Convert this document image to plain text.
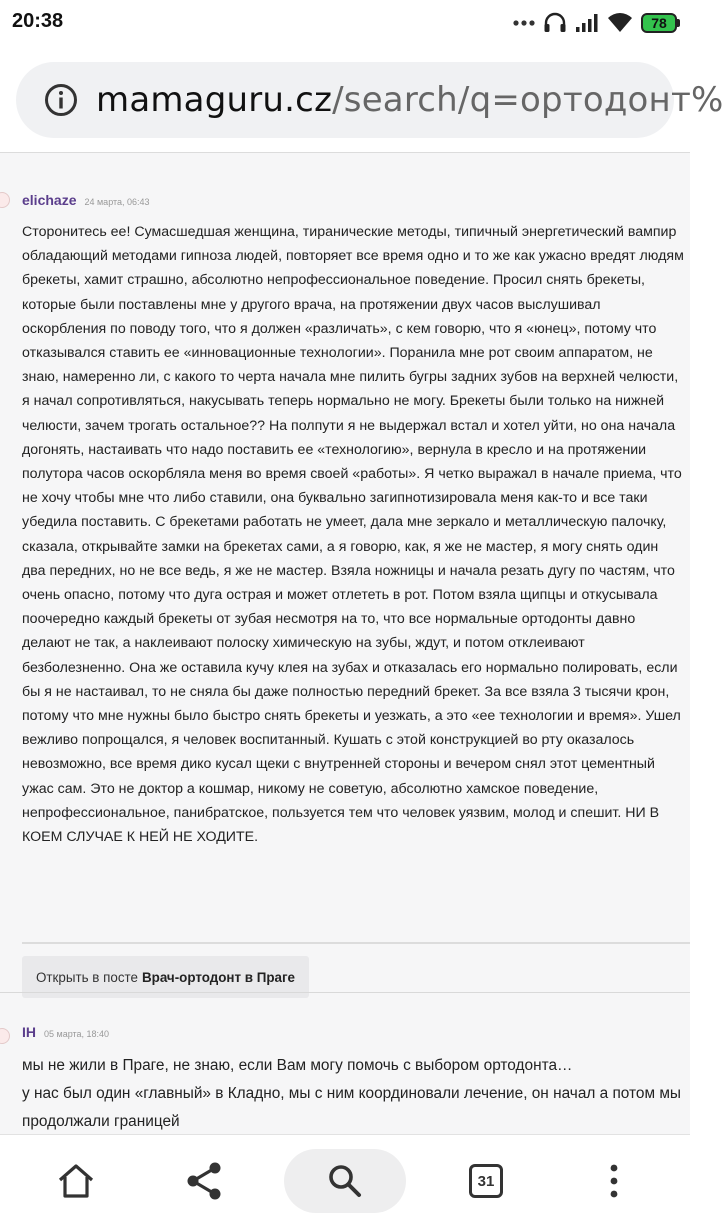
20:38	78
mamaguru.cz/search/q=ортодонт%
elichaze 24 марта, 06:43
Сторонитесь ее! Сумасшедшая женщина, тиранические методы, типичный энергетический вампир обладающий методами гипноза людей, повторяет все время одно и то же как ужасно вредят людям брекеты, хамит страшно, абсолютно непрофессиональное поведение. Просил снять брекеты, которые были поставлены мне у другого врача, на протяжении двух часов выслушивал оскорбления по поводу того, что я должен «различать», с кем говорю, что я «юнец», потому что отказывался ставить ее «инновационные технологии». Поранила мне рот своим аппаратом, не знаю, намеренно ли, с какого то черта начала мне пилить бугры задних зубов на верхней челюсти, я начал сопротивляться, накусывать теперь нормально не могу. Брекеты были только на нижней челюсти, зачем трогать остальное?? На полпути я не выдержал встал и хотел уйти, но она начала догонять, настаивать что надо поставить ее «технологию», вернула в кресло и на протяжении полутора часов оскорбляла меня во время своей «работы». Я четко выражал в начале приема, что не хочу чтобы мне что либо ставили, она буквально загипнотизировала меня как-то и все таки убедила поставить. С брекетами работать не умеет, дала мне зеркало и металлическую палочку, сказала, открывайте замки на брекетах сами, а я говорю, как, я же не мастер, я могу снять один два передних, но не все ведь, я же не мастер. Взяла ножницы и начала резать дугу по частям, что очень опасно, потому что дуга острая и может отлететь в рот. Потом взяла щипцы и откусывала поочередно каждый брекеты от зубая несмотря на то, что все нормальные ортодонты давно делают не так, а наклеивают полоску химическую на зубы, ждут, и потом отклеивают безболезненно. Она же оставила кучу клея на зубах и отказалась его нормально полировать, если бы я не настаивал, то не сняла бы даже полностью передний брекет. За все взяла 3 тысячи крон, потому что мне нужны было быстро снять брекеты и уезжать, а это «ее технологии и время». Ушел вежливо попрощался, я человек воспитанный. Кушать с этой конструкцией во рту оказалось невозможно, все время дико кусал щеки с внутренней стороны и вечером снял этот цементный ужас сам. Это не доктор а кошмар, никому не советую, абсолютно хамское поведение, непрофессиональное, панибратское, пользуется тем что человек уязвим, молод и спешит. НИ В КОЕМ СЛУЧАЕ К НЕЙ НЕ ХОДИТЕ.
Открыть в посте Врач-ортодонт в Праге
IH 05 марта, 18:40
мы не жили в Праге, не знаю, если Вам могу помочь с выбором ортодонта…
у нас был один «главный» в Кладно, мы с ним координовали лечение, он начал а потом мы продолжали границей
31
